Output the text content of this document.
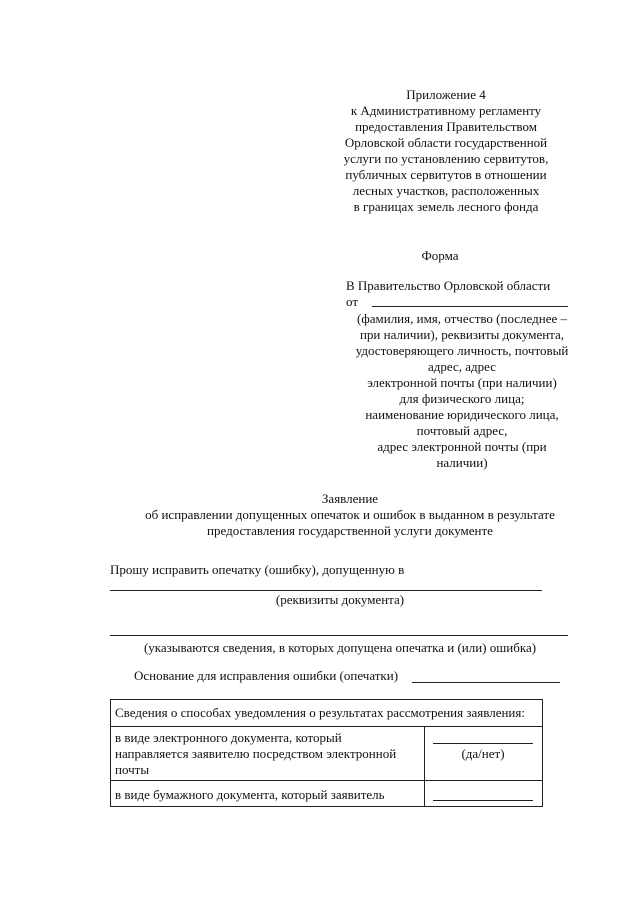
Приложение 4
к Административному регламенту
предоставления Правительством
Орловской области государственной
услуги по установлению сервитутов,
публичных сервитутов в отношении
лесных участков, расположенных
в границах земель лесного фонда
Форма
В Правительство Орловской области
от
(фамилия, имя, отчество (последнее –
при наличии), реквизиты документа,
удостоверяющего личность, почтовый
адрес, адрес
электронной почты (при наличии)
для физического лица;
наименование юридического лица,
почтовый адрес,
адрес электронной почты (при
наличии)
Заявление
об исправлении допущенных опечаток и ошибок в выданном в результате
предоставления государственной услуги документе
Прошу исправить опечатку (ошибку), допущенную в
(реквизиты документа)
(указываются сведения, в которых допущена опечатка и (или) ошибка)
Основание для исправления ошибки (опечатки)
Сведения о способах уведомления о результатах рассмотрения заявления:
в виде электронного документа, который
направляется заявителю посредством электронной
почты
(да/нет)
в виде бумажного документа, который заявитель
